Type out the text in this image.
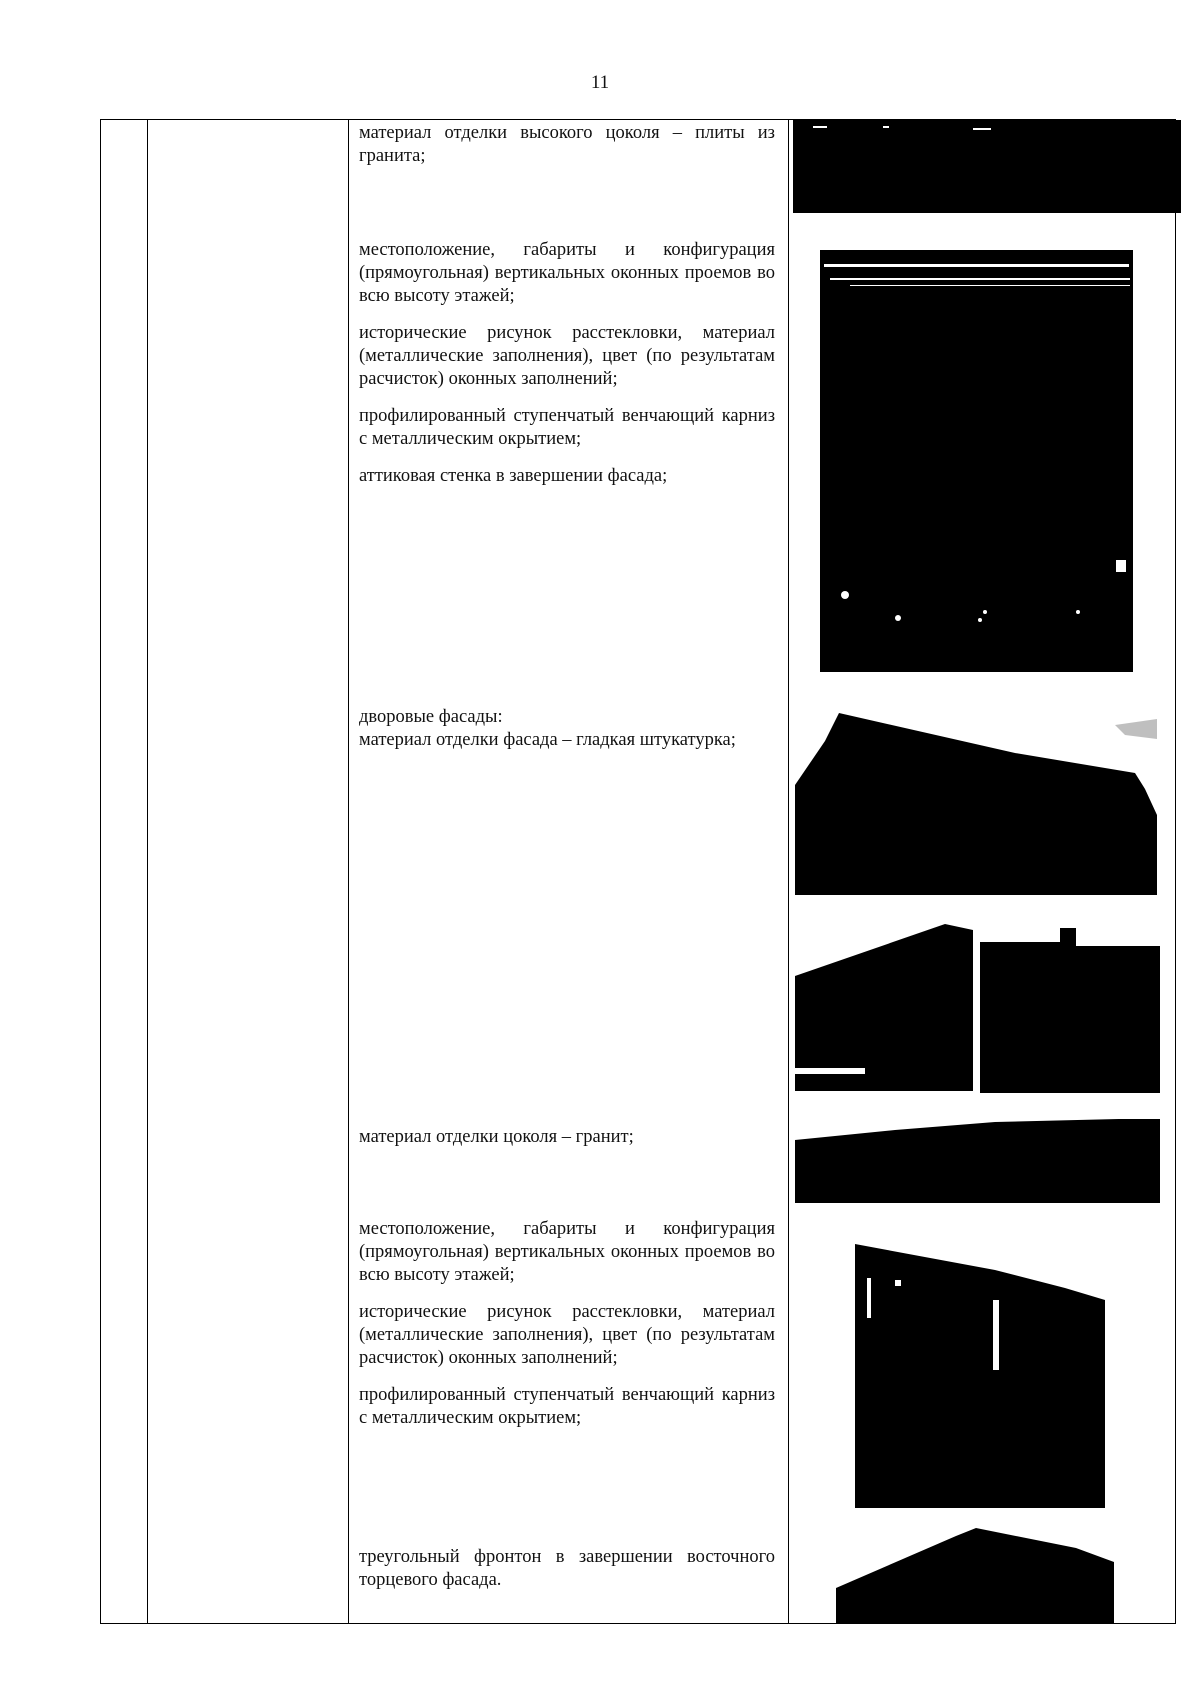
11

материал отделки высокого цоколя – плиты из гранита;

местоположение, габариты и конфигурация (прямоугольная) вертикальных оконных проемов во всю высоту этажей;

исторические рисунок расстекловки, материал (металлические заполнения), цвет (по результатам расчисток) оконных заполнений;

профилированный ступенчатый венчающий карниз с металлическим окрытием;

аттиковая стенка в завершении фасада;

дворовые фасады:

материал отделки фасада – гладкая штукатурка;

материал отделки цоколя – гранит;

местоположение, габариты и конфигурация (прямоугольная) вертикальных оконных проемов во всю высоту этажей;

исторические рисунок расстекловки, материал (металлические заполнения), цвет (по результатам расчисток) оконных заполнений;

профилированный ступенчатый венчающий карниз с металлическим окрытием;

треугольный фронтон в завершении восточного торцевого фасада.
